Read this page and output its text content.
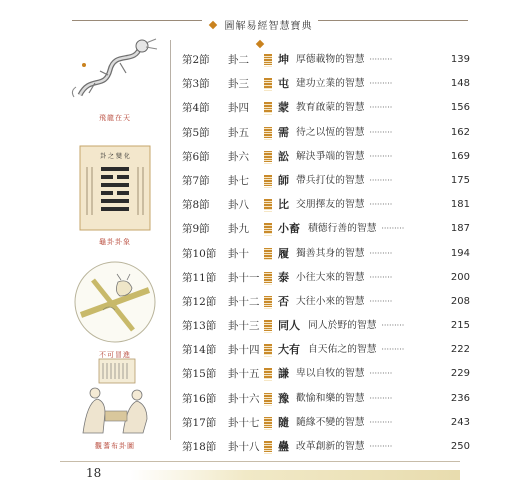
圖解易經智慧寶典
飛龍在天
卦 之 變 化
龜卦卦象
不可冒進
觀蓍布卦圖
第2節 卦二	坤 厚德載物的智慧 ·········	139
第3節 卦三	屯 建功立業的智慧 ·········	148
第4節 卦四	蒙 教育啟蒙的智慧 ·········	156
第5節 卦五	需 待之以恆的智慧 ·········	162
第6節 卦六	訟 解決爭端的智慧 ·········	169
第7節 卦七	師 帶兵打仗的智慧 ·········	175
第8節 卦八	比 交朋擇友的智慧 ·········	181
第9節 卦九	小畜 積德行善的智慧 ·········	187
第10節 卦十	履 獨善其身的智慧 ·········	194
第11節 卦十一 泰 小往大來的智慧 ·········	200
第12節 卦十二 否 大往小來的智慧 ·········	208
第13節 卦十三 同人 同人於野的智慧 ·········	215
第14節 卦十四 大有 自天佑之的智慧 ·········	222
第15節 卦十五 謙 卑以自牧的智慧 ·········	229
第16節 卦十六 豫 歡愉和樂的智慧 ·········	236
第17節 卦十七 隨 隨緣不變的智慧 ·········	243
第18節 卦十八 蠱 改革創新的智慧 ·········	250
18
